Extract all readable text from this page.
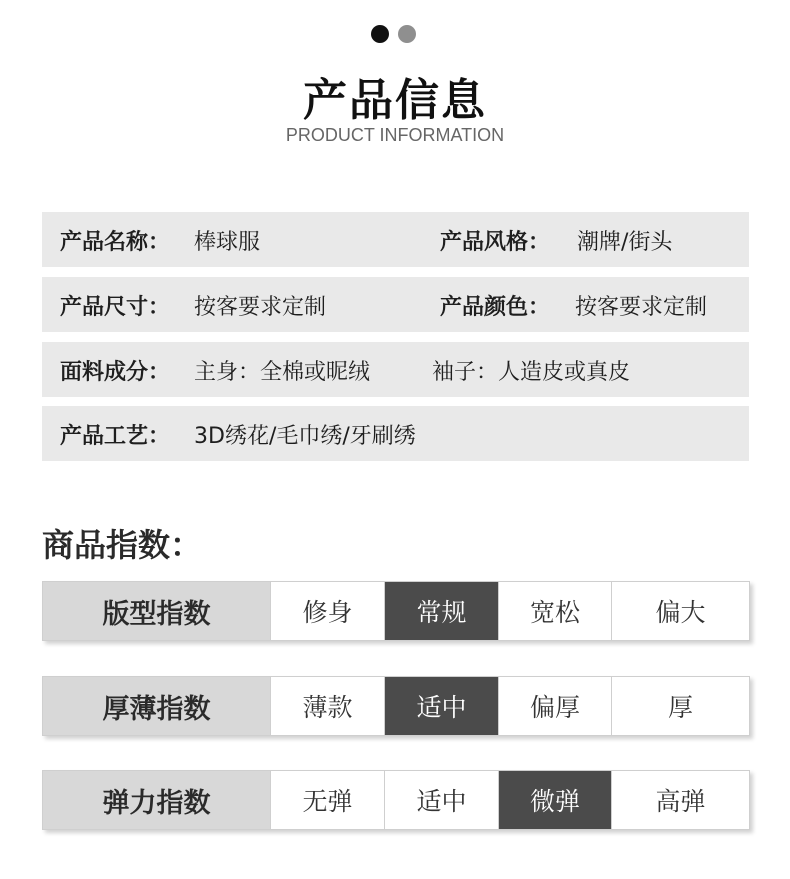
产品信息
PRODUCT INFORMATION
产品名称： 棒球服	产品风格： 潮牌/街头
产品尺寸： 按客要求定制	产品颜色： 按客要求定制
面料成分： 主身：全棉或昵绒	袖子：人造皮或真皮
产品工艺： 3D绣花/毛巾绣/牙刷绣
商品指数：
版型指数	修身	常规	宽松	偏大
厚薄指数	薄款	适中	偏厚	厚
弹力指数	无弹	适中	微弹	高弹
